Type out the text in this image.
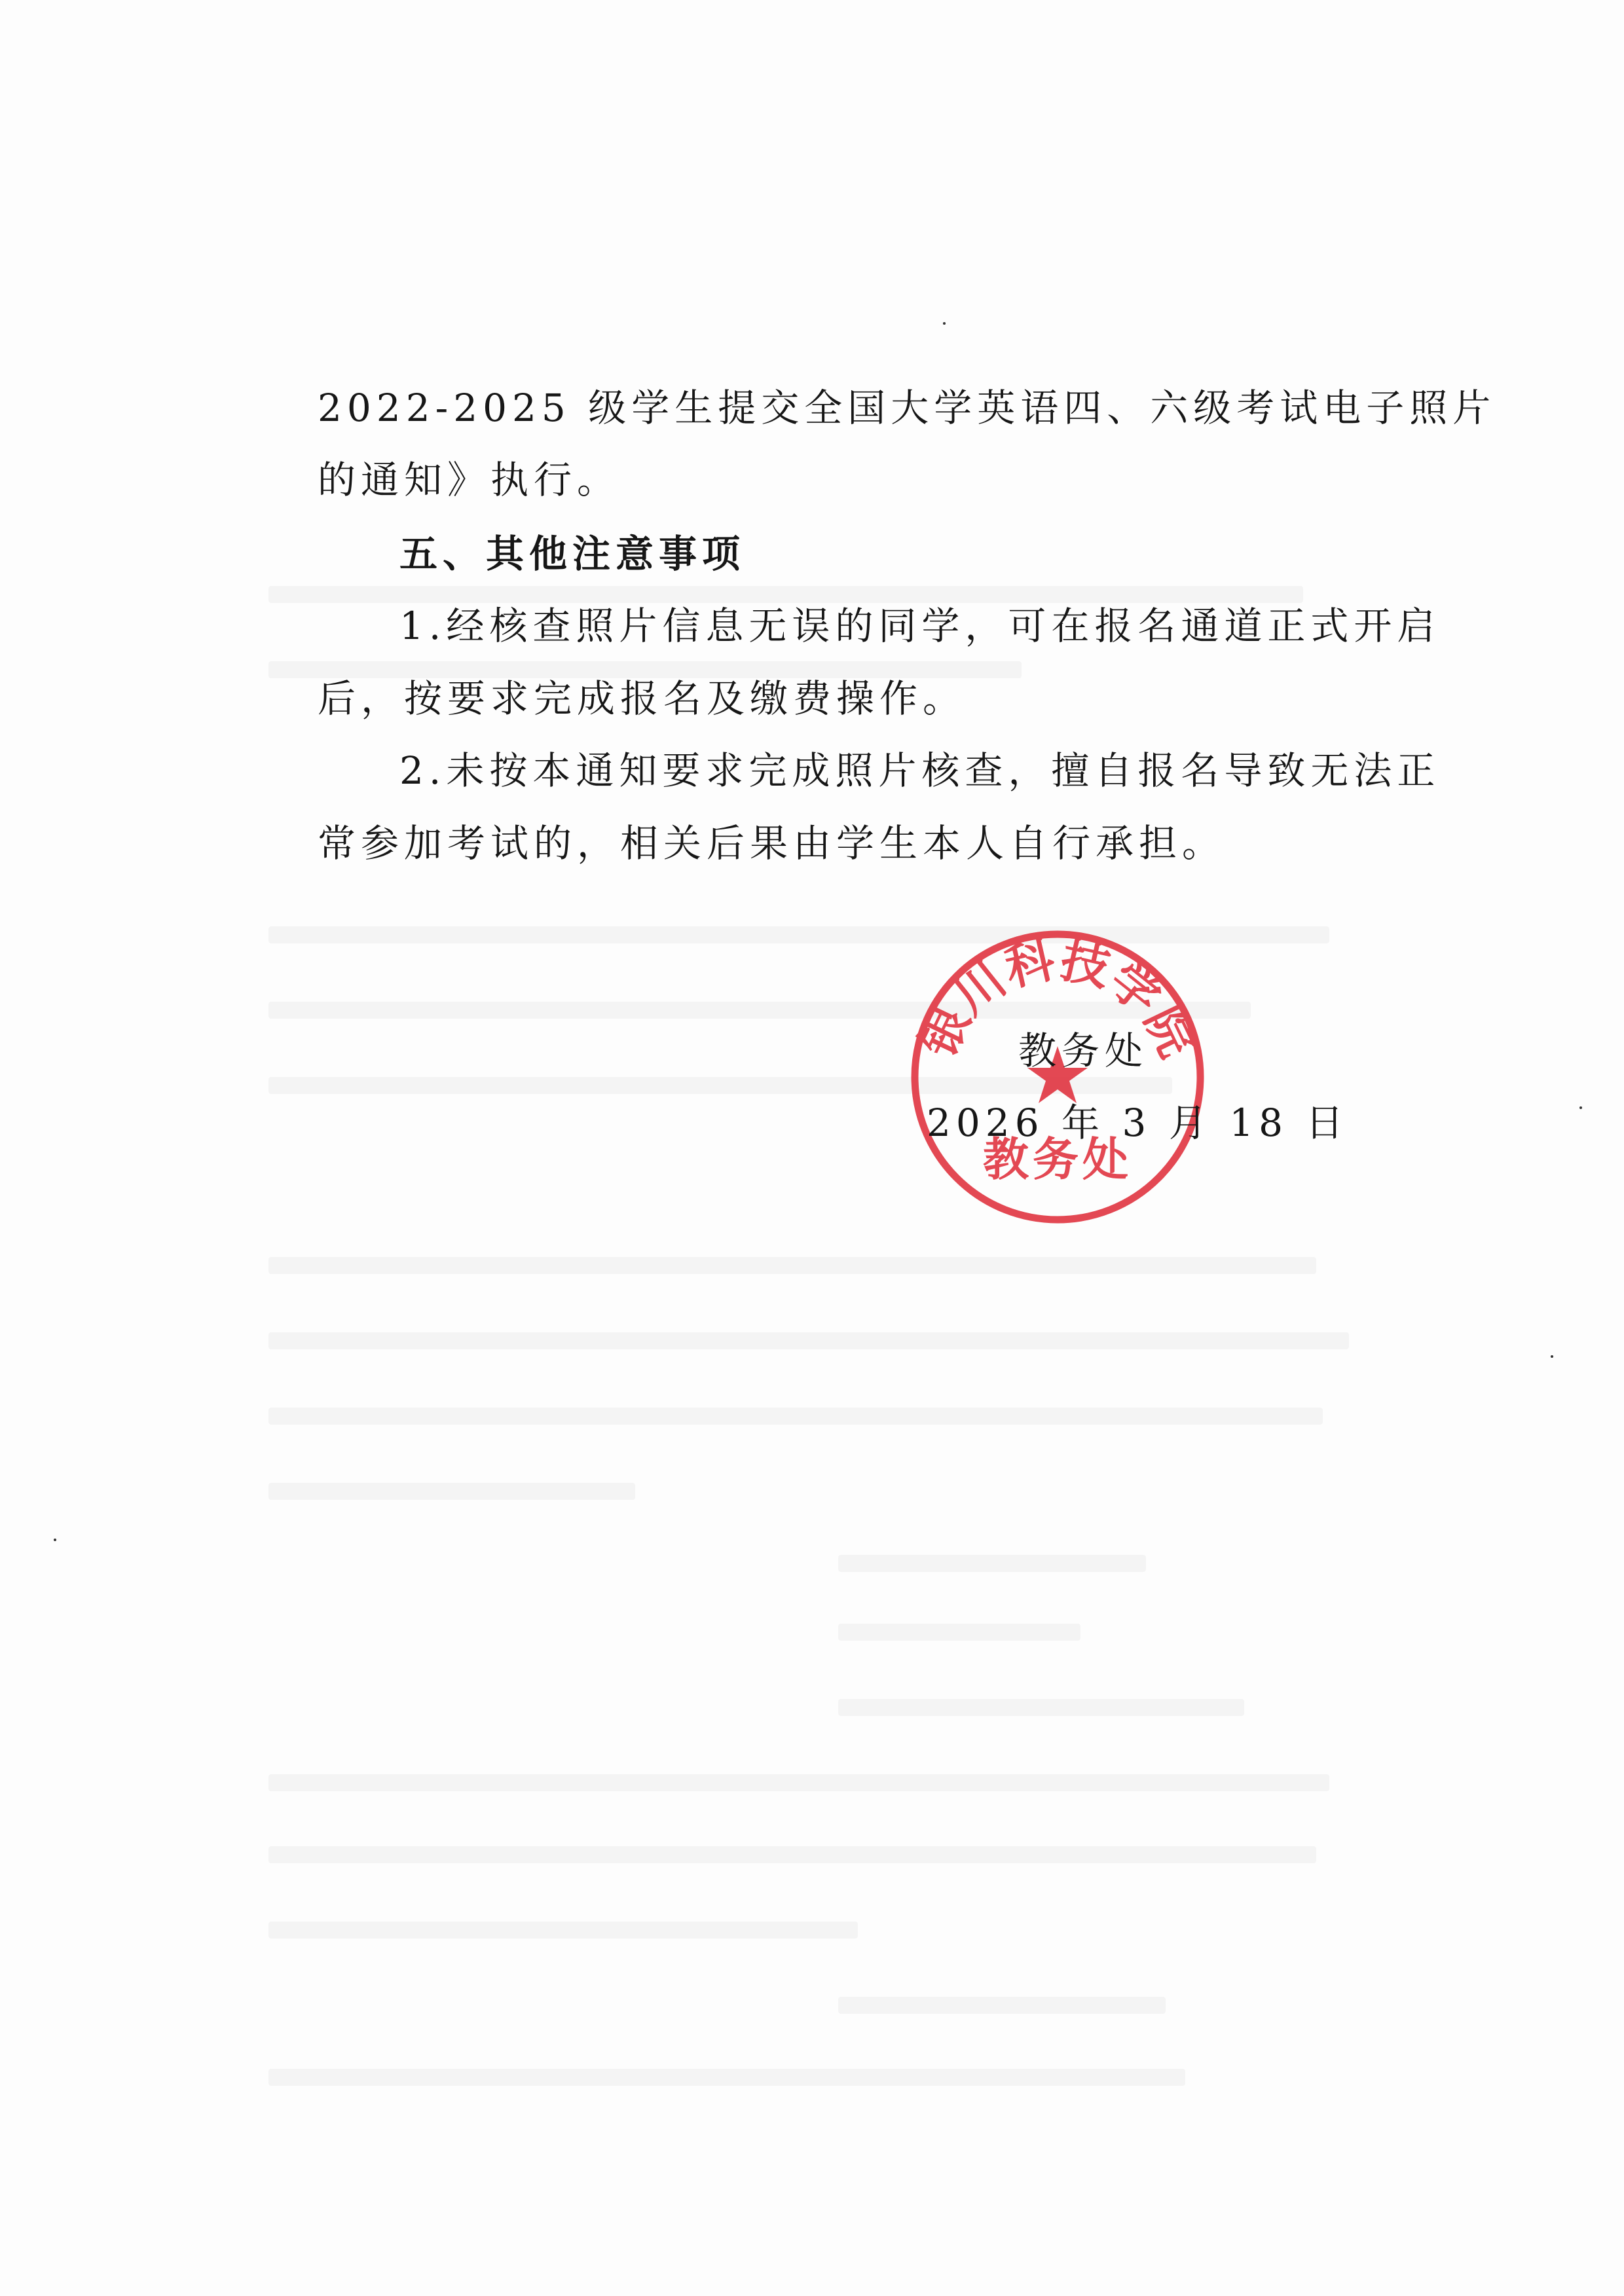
2022-2025 级学生提交全国大学英语四、六级考试电子照片
的通知》执行。
五、其他注意事项
1.经核查照片信息无误的同学，可在报名通道正式开启
后，按要求完成报名及缴费操作。
2.未按本通知要求完成照片核查，擅自报名导致无法正
常参加考试的，相关后果由学生本人自行承担。
银川科技学院
教务处
教务处
2026 年 3 月 18 日
